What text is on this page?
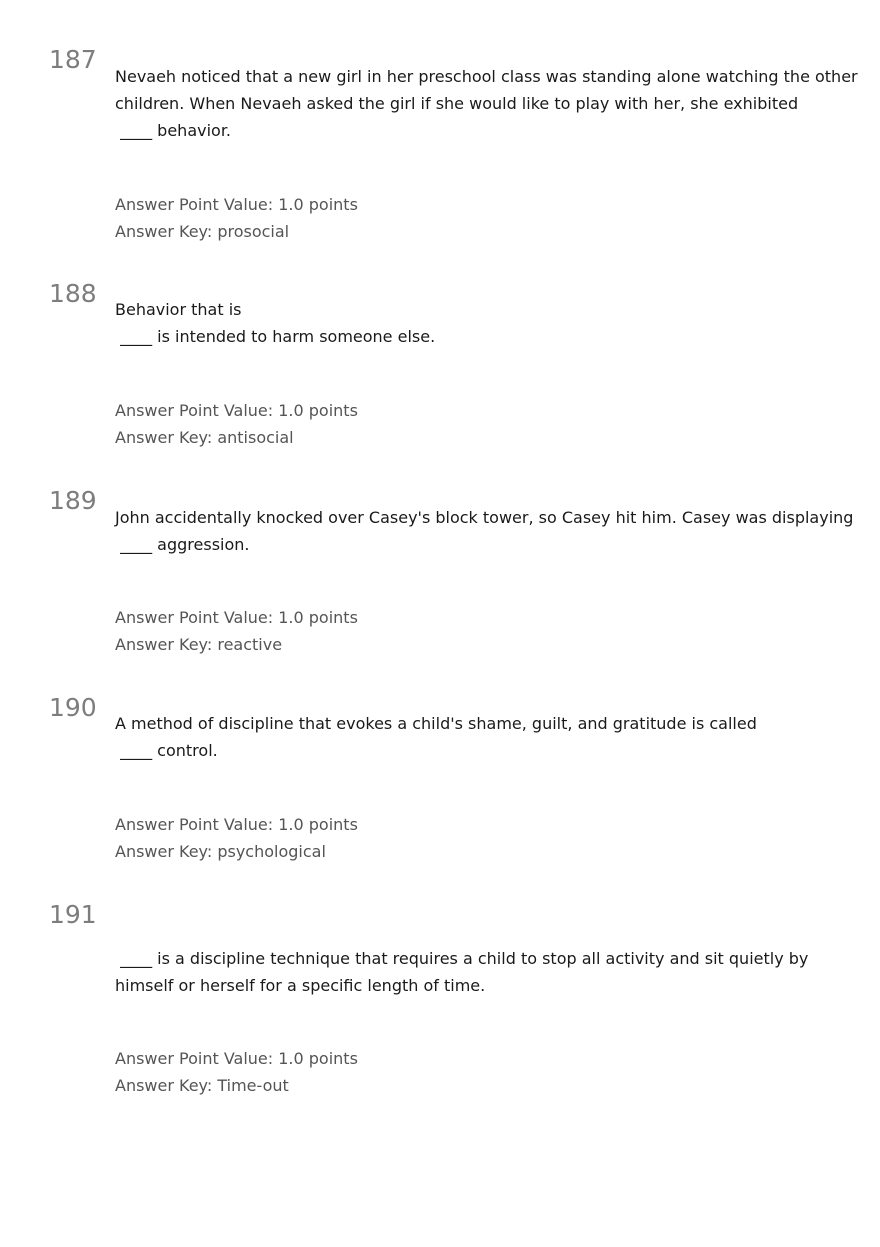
187
Nevaeh noticed that a new girl in her preschool class was standing alone watching the other
children. When Nevaeh asked the girl if she would like to play with her, she exhibited
____ behavior.
Answer Point Value: 1.0 points
Answer Key: prosocial
188
Behavior that is
____ is intended to harm someone else.
Answer Point Value: 1.0 points
Answer Key: antisocial
189
John accidentally knocked over Casey's block tower, so Casey hit him. Casey was displaying
____ aggression.
Answer Point Value: 1.0 points
Answer Key: reactive
190
A method of discipline that evokes a child's shame, guilt, and gratitude is called
____ control.
Answer Point Value: 1.0 points
Answer Key: psychological
191
____ is a discipline technique that requires a child to stop all activity and sit quietly by
himself or herself for a specific length of time.
Answer Point Value: 1.0 points
Answer Key: Time-out
